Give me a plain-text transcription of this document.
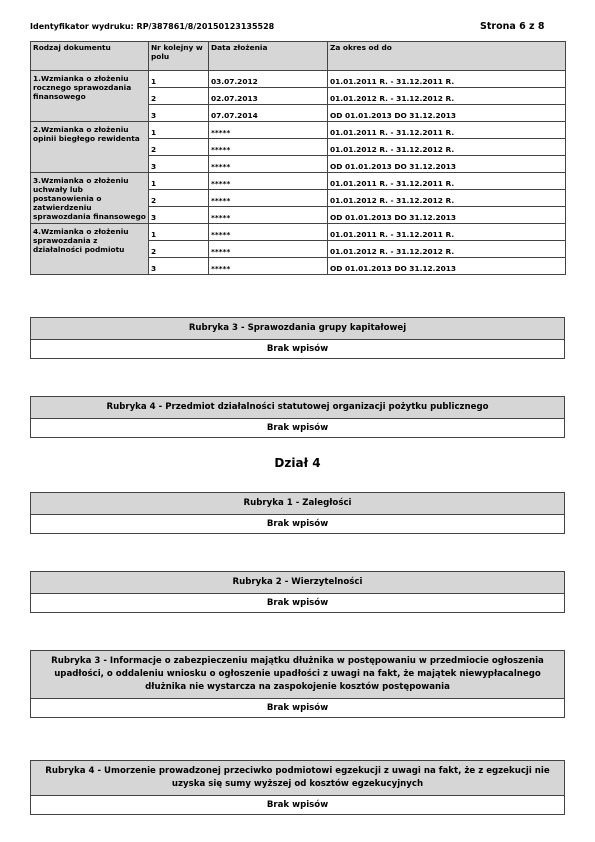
Identyfikator wydruku: RP/387861/8/20150123135528	Strona 6 z 8
Rodzaj dokumentu	Nr kolejny w polu	Data złożenia	Za okres od do
1.Wzmianka o złożeniu rocznego sprawozdania finansowego	1	03.07.2012	01.01.2011 R. - 31.12.2011 R.
	2	02.07.2013	01.01.2012 R. - 31.12.2012 R.
	3	07.07.2014	OD 01.01.2013 DO 31.12.2013
2.Wzmianka o złożeniu opinii biegłego rewidenta	1	*****	01.01.2011 R. - 31.12.2011 R.
	2	*****	01.01.2012 R. - 31.12.2012 R.
	3	*****	OD 01.01.2013 DO 31.12.2013
3.Wzmianka o złożeniu uchwały lub postanowienia o zatwierdzeniu sprawozdania finansowego	1	*****	01.01.2011 R. - 31.12.2011 R.
	2	*****	01.01.2012 R. - 31.12.2012 R.
	3	*****	OD 01.01.2013 DO 31.12.2013
4.Wzmianka o złożeniu sprawozdania z działalności podmiotu	1	*****	01.01.2011 R. - 31.12.2011 R.
	2	*****	01.01.2012 R. - 31.12.2012 R.
	3	*****	OD 01.01.2013 DO 31.12.2013
Rubryka 3 - Sprawozdania grupy kapitałowej
Brak wpisów
Rubryka 4 - Przedmiot działalności statutowej organizacji pożytku publicznego
Brak wpisów
Dział 4
Rubryka 1 - Zaległości
Brak wpisów
Rubryka 2 - Wierzytelności
Brak wpisów
Rubryka 3 - Informacje o zabezpieczeniu majątku dłużnika w postępowaniu w przedmiocie ogłoszenia upadłości, o oddaleniu wniosku o ogłoszenie upadłości z uwagi na fakt, że majątek niewypłacalnego dłużnika nie wystarcza na zaspokojenie kosztów postępowania
Brak wpisów
Rubryka 4 - Umorzenie prowadzonej przeciwko podmiotowi egzekucji z uwagi na fakt, że z egzekucji nie uzyska się sumy wyższej od kosztów egzekucyjnych
Brak wpisów
